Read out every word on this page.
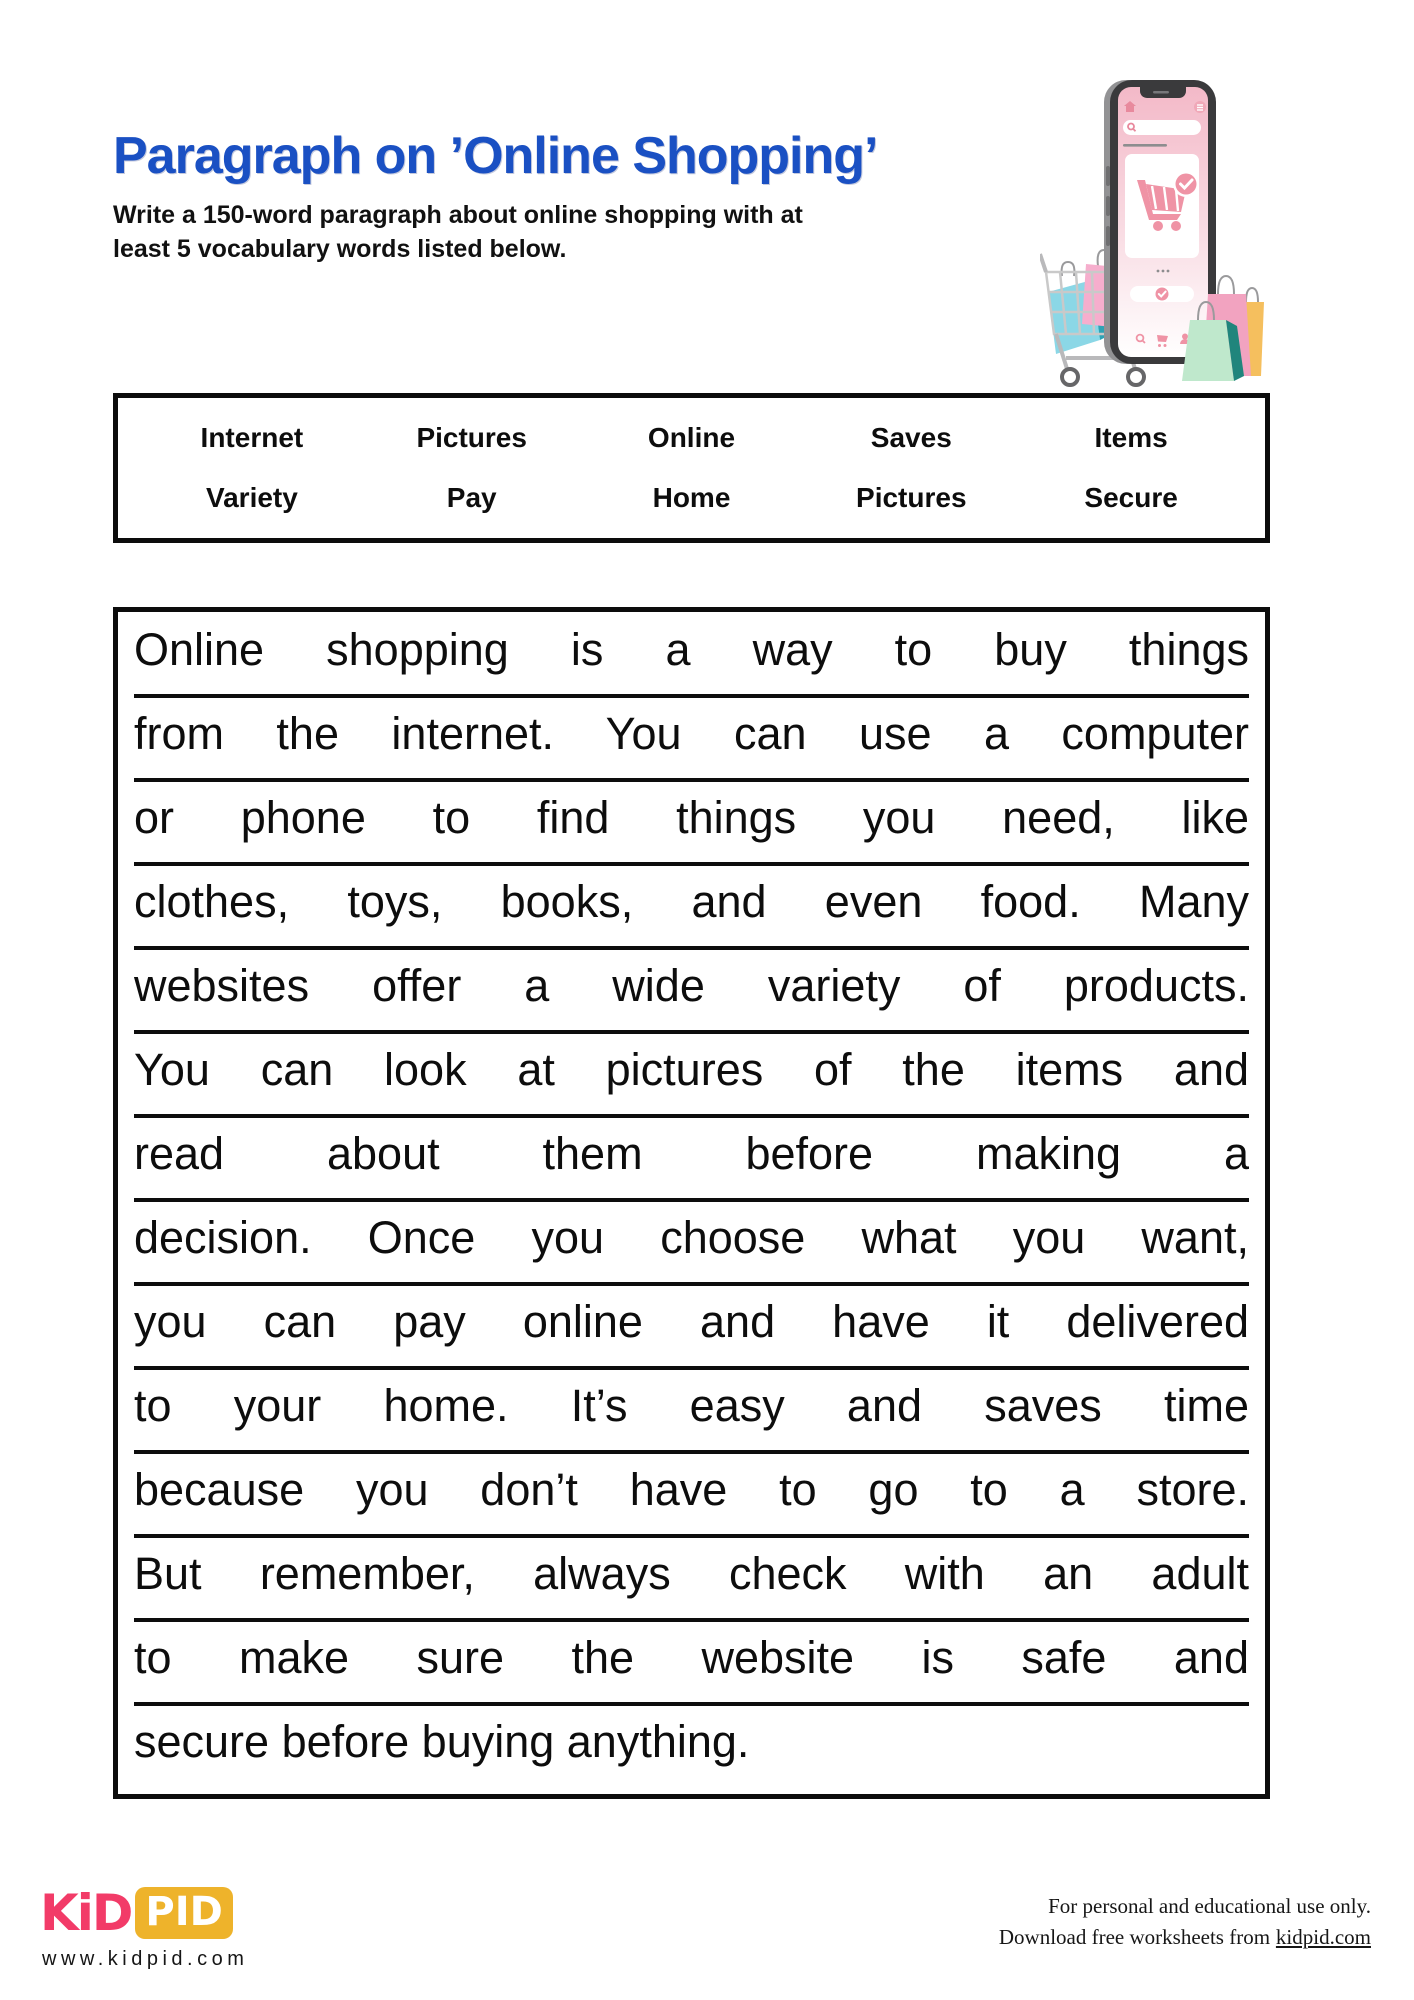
Paragraph on ’Online Shopping’
Write a 150-word paragraph about online shopping with at
least 5 vocabulary words listed below.
Internet	Pictures	Online	Saves	Items
Variety	Pay	Home	Pictures	Secure
Online shopping is a way to buy things
from the internet. You can use a computer
or phone to find things you need, like
clothes, toys, books, and even food. Many
websites offer a wide variety of products.
You can look at pictures of the items and
read about them before making a
decision. Once you choose what you want,
you can pay online and have it delivered
to your home. It’s easy and saves time
because you don’t have to go to a store.
But remember, always check with an adult
to make sure the website is safe and
secure before buying anything.
KiD PID
www.kidpid.com
For personal and educational use only.
Download free worksheets from kidpid.com
